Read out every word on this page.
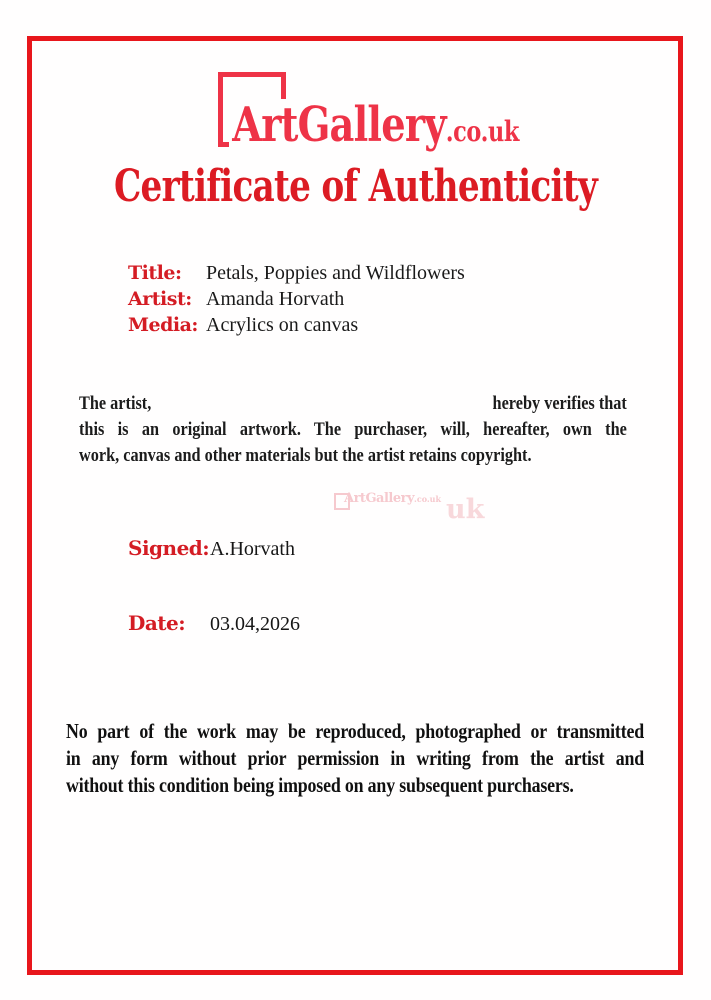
ArtGallery .co.uk
Certificate of Authenticity
Title:	Petals, Poppies and Wildflowers
Artist: Amanda Horvath
Media: Acrylics on canvas
The artist,	hereby verifies that
this is an original artwork. The purchaser, will, hereafter, own the
work, canvas and other materials but the artist retains copyright.
ArtGallery .co.uk uk
Signed: A.Horvath
Date:	03.04,2026
No part of the work may be reproduced, photographed or transmitted
in any form without prior permission in writing from the artist and
without this condition being imposed on any subsequent purchasers.
